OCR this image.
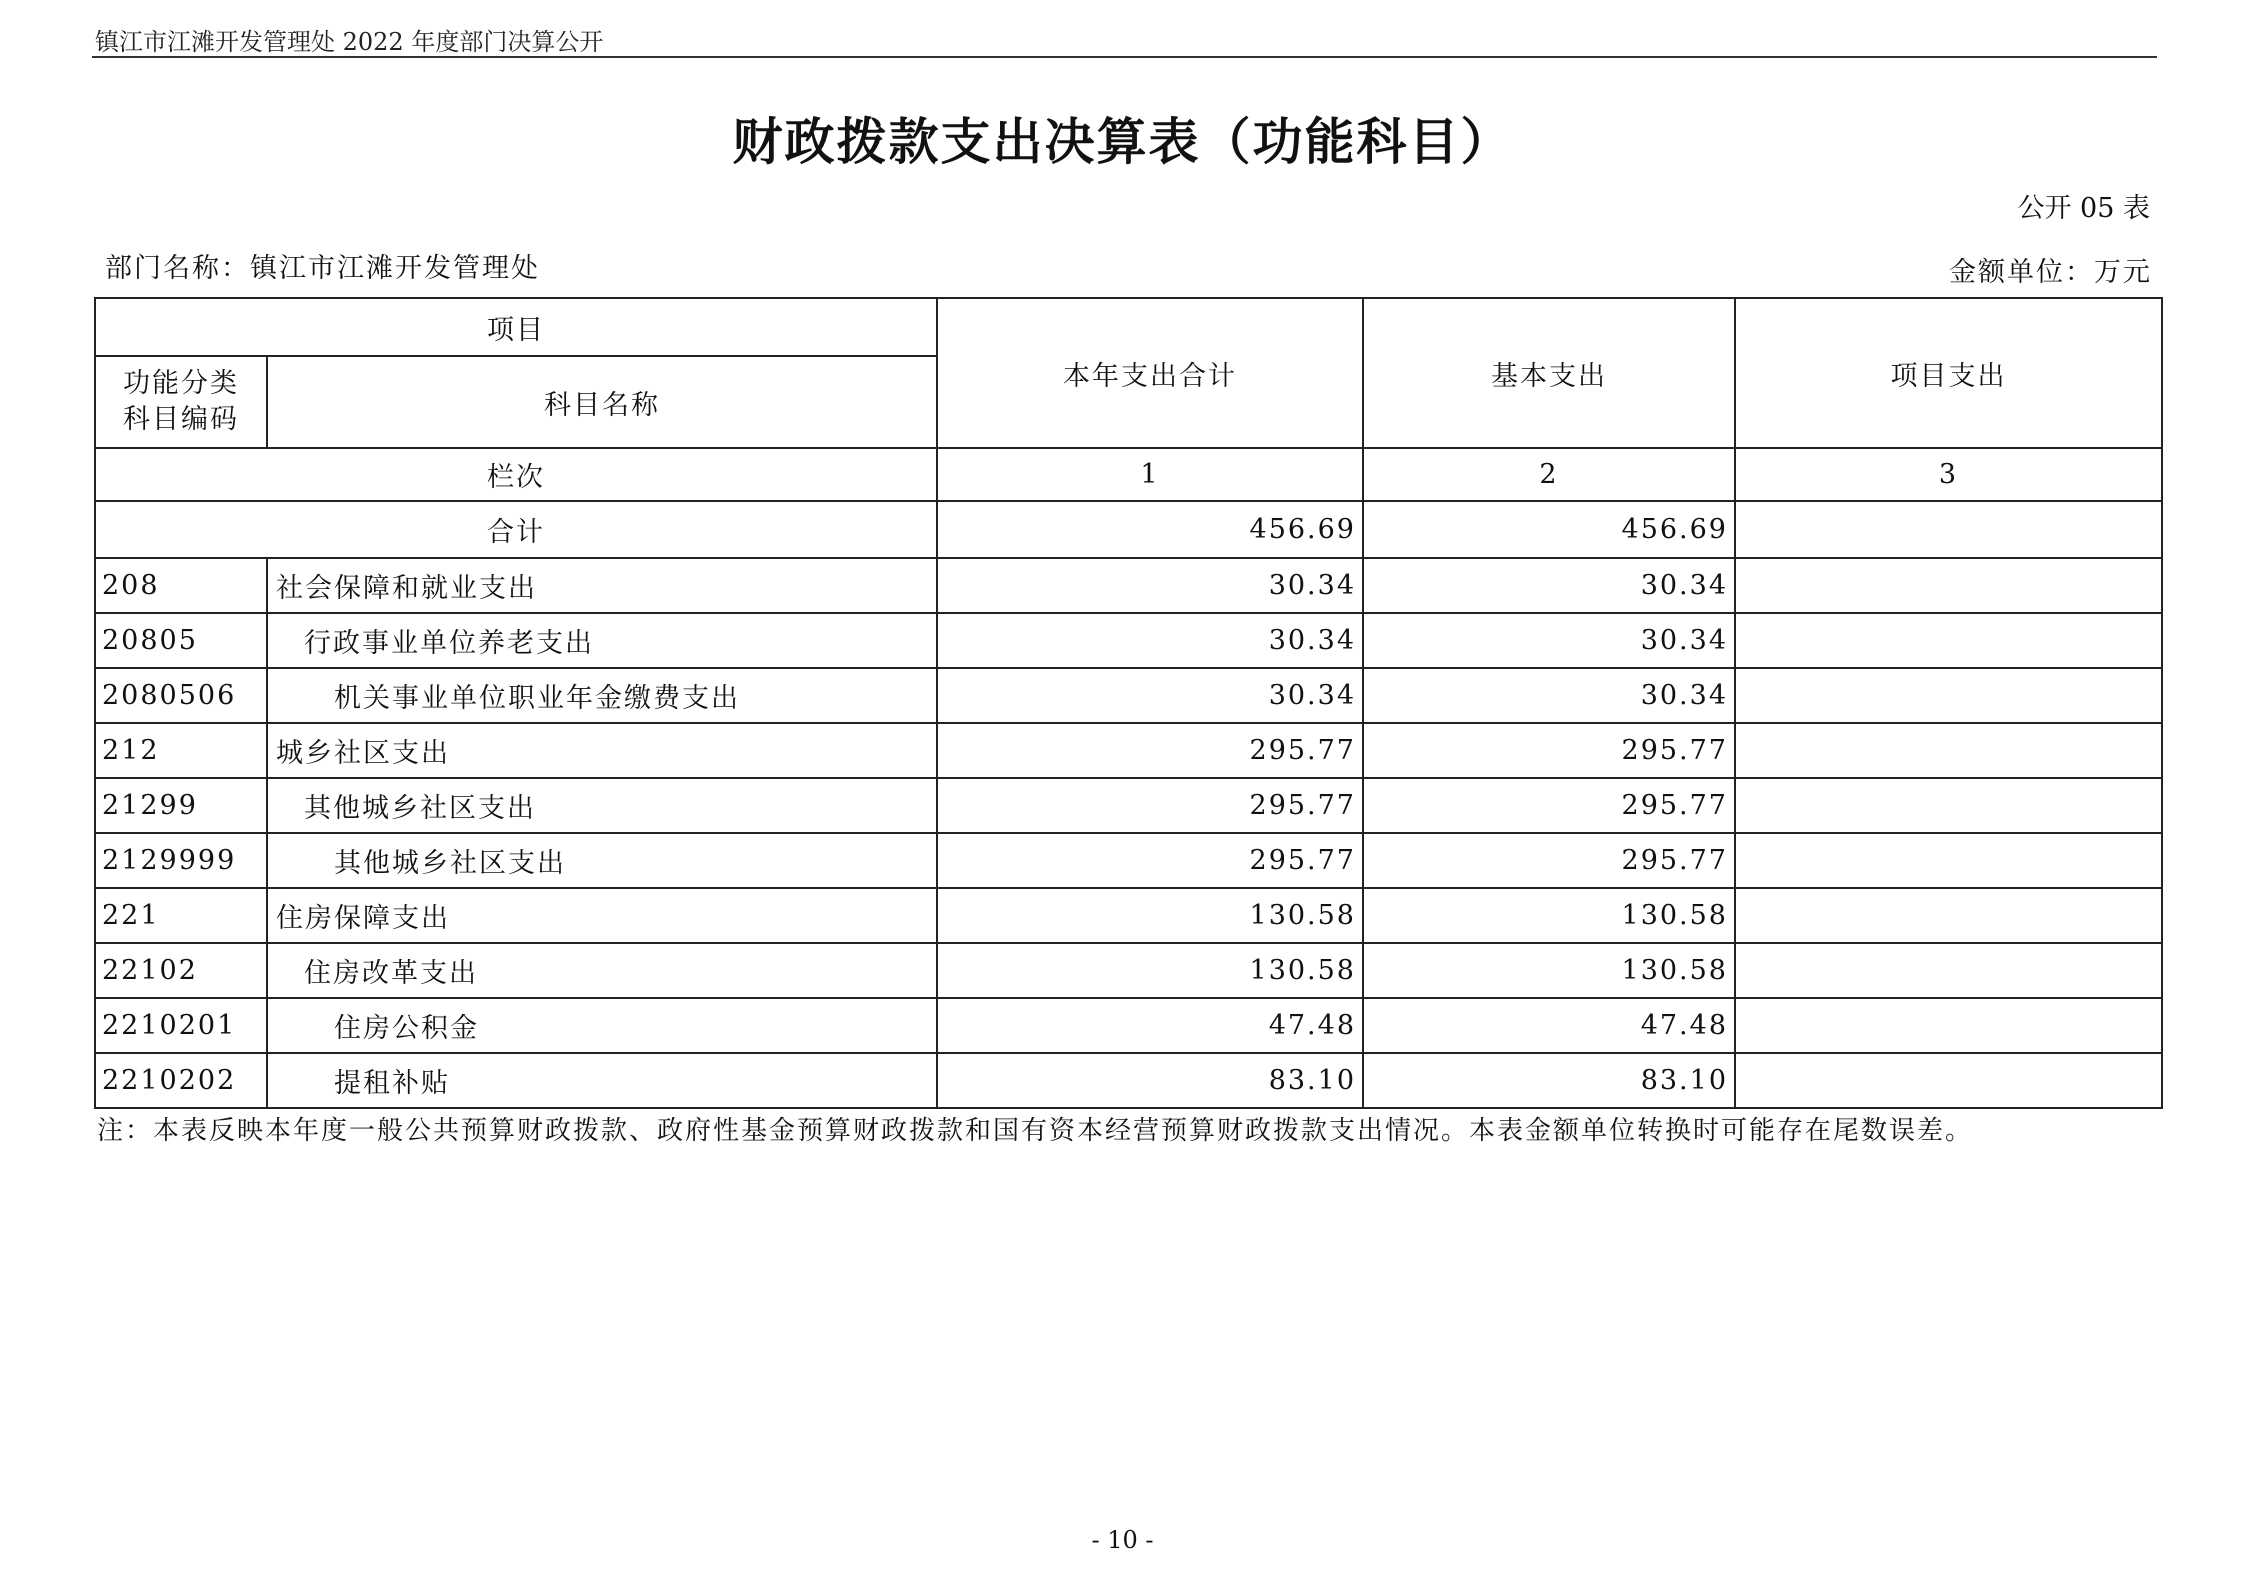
镇江市江滩开发管理处 2022 年度部门决算公开
财政拨款支出决算表（功能科目）
公开 05 表
部门名称：镇江市江滩开发管理处	金额单位：万元
项目		本年支出合计	基本支出	项目支出
功能分类
科目编码	科目名称			
栏次		1	2	3
合计		456.69	456.69	
208	社会保障和就业支出	30.34	30.34	
20805	行政事业单位养老支出	30.34	30.34	
2080506	机关事业单位职业年金缴费支出	30.34	30.34	
212	城乡社区支出	295.77	295.77	
21299	其他城乡社区支出	295.77	295.77	
2129999	其他城乡社区支出	295.77	295.77	
221	住房保障支出	130.58	130.58	
22102	住房改革支出	130.58	130.58	
2210201	住房公积金	47.48	47.48	
2210202	提租补贴	83.10	83.10	
注：本表反映本年度一般公共预算财政拨款、政府性基金预算财政拨款和国有资本经营预算财政拨款支出情况。本表金额单位转换时可能存在尾数误差。
- 10 -
